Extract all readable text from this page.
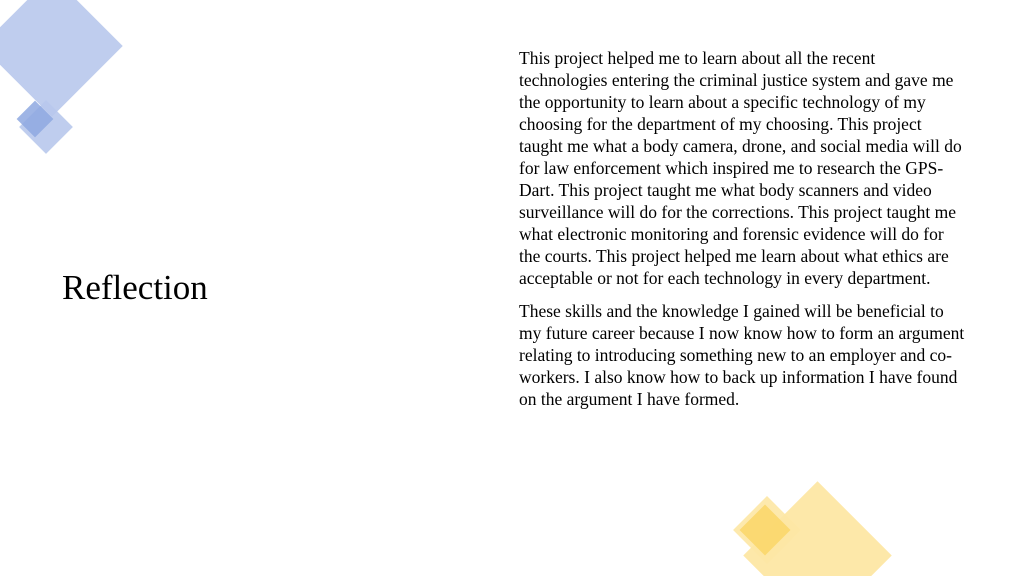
Reflection

This project helped me to learn about all the recent technologies entering the criminal justice system and gave me the opportunity to learn about a specific technology of my choosing for the department of my choosing. This project taught me what a body camera, drone, and social media will do for law enforcement which inspired me to research the GPS-Dart. This project taught me what body scanners and video surveillance will do for the corrections. This project taught me what electronic monitoring and forensic evidence will do for the courts. This project helped me learn about what ethics are acceptable or not for each technology in every department.

These skills and the knowledge I gained will be beneficial to my future career because I now know how to form an argument relating to introducing something new to an employer and co-workers. I also know how to back up information I have found on the argument I have formed.
